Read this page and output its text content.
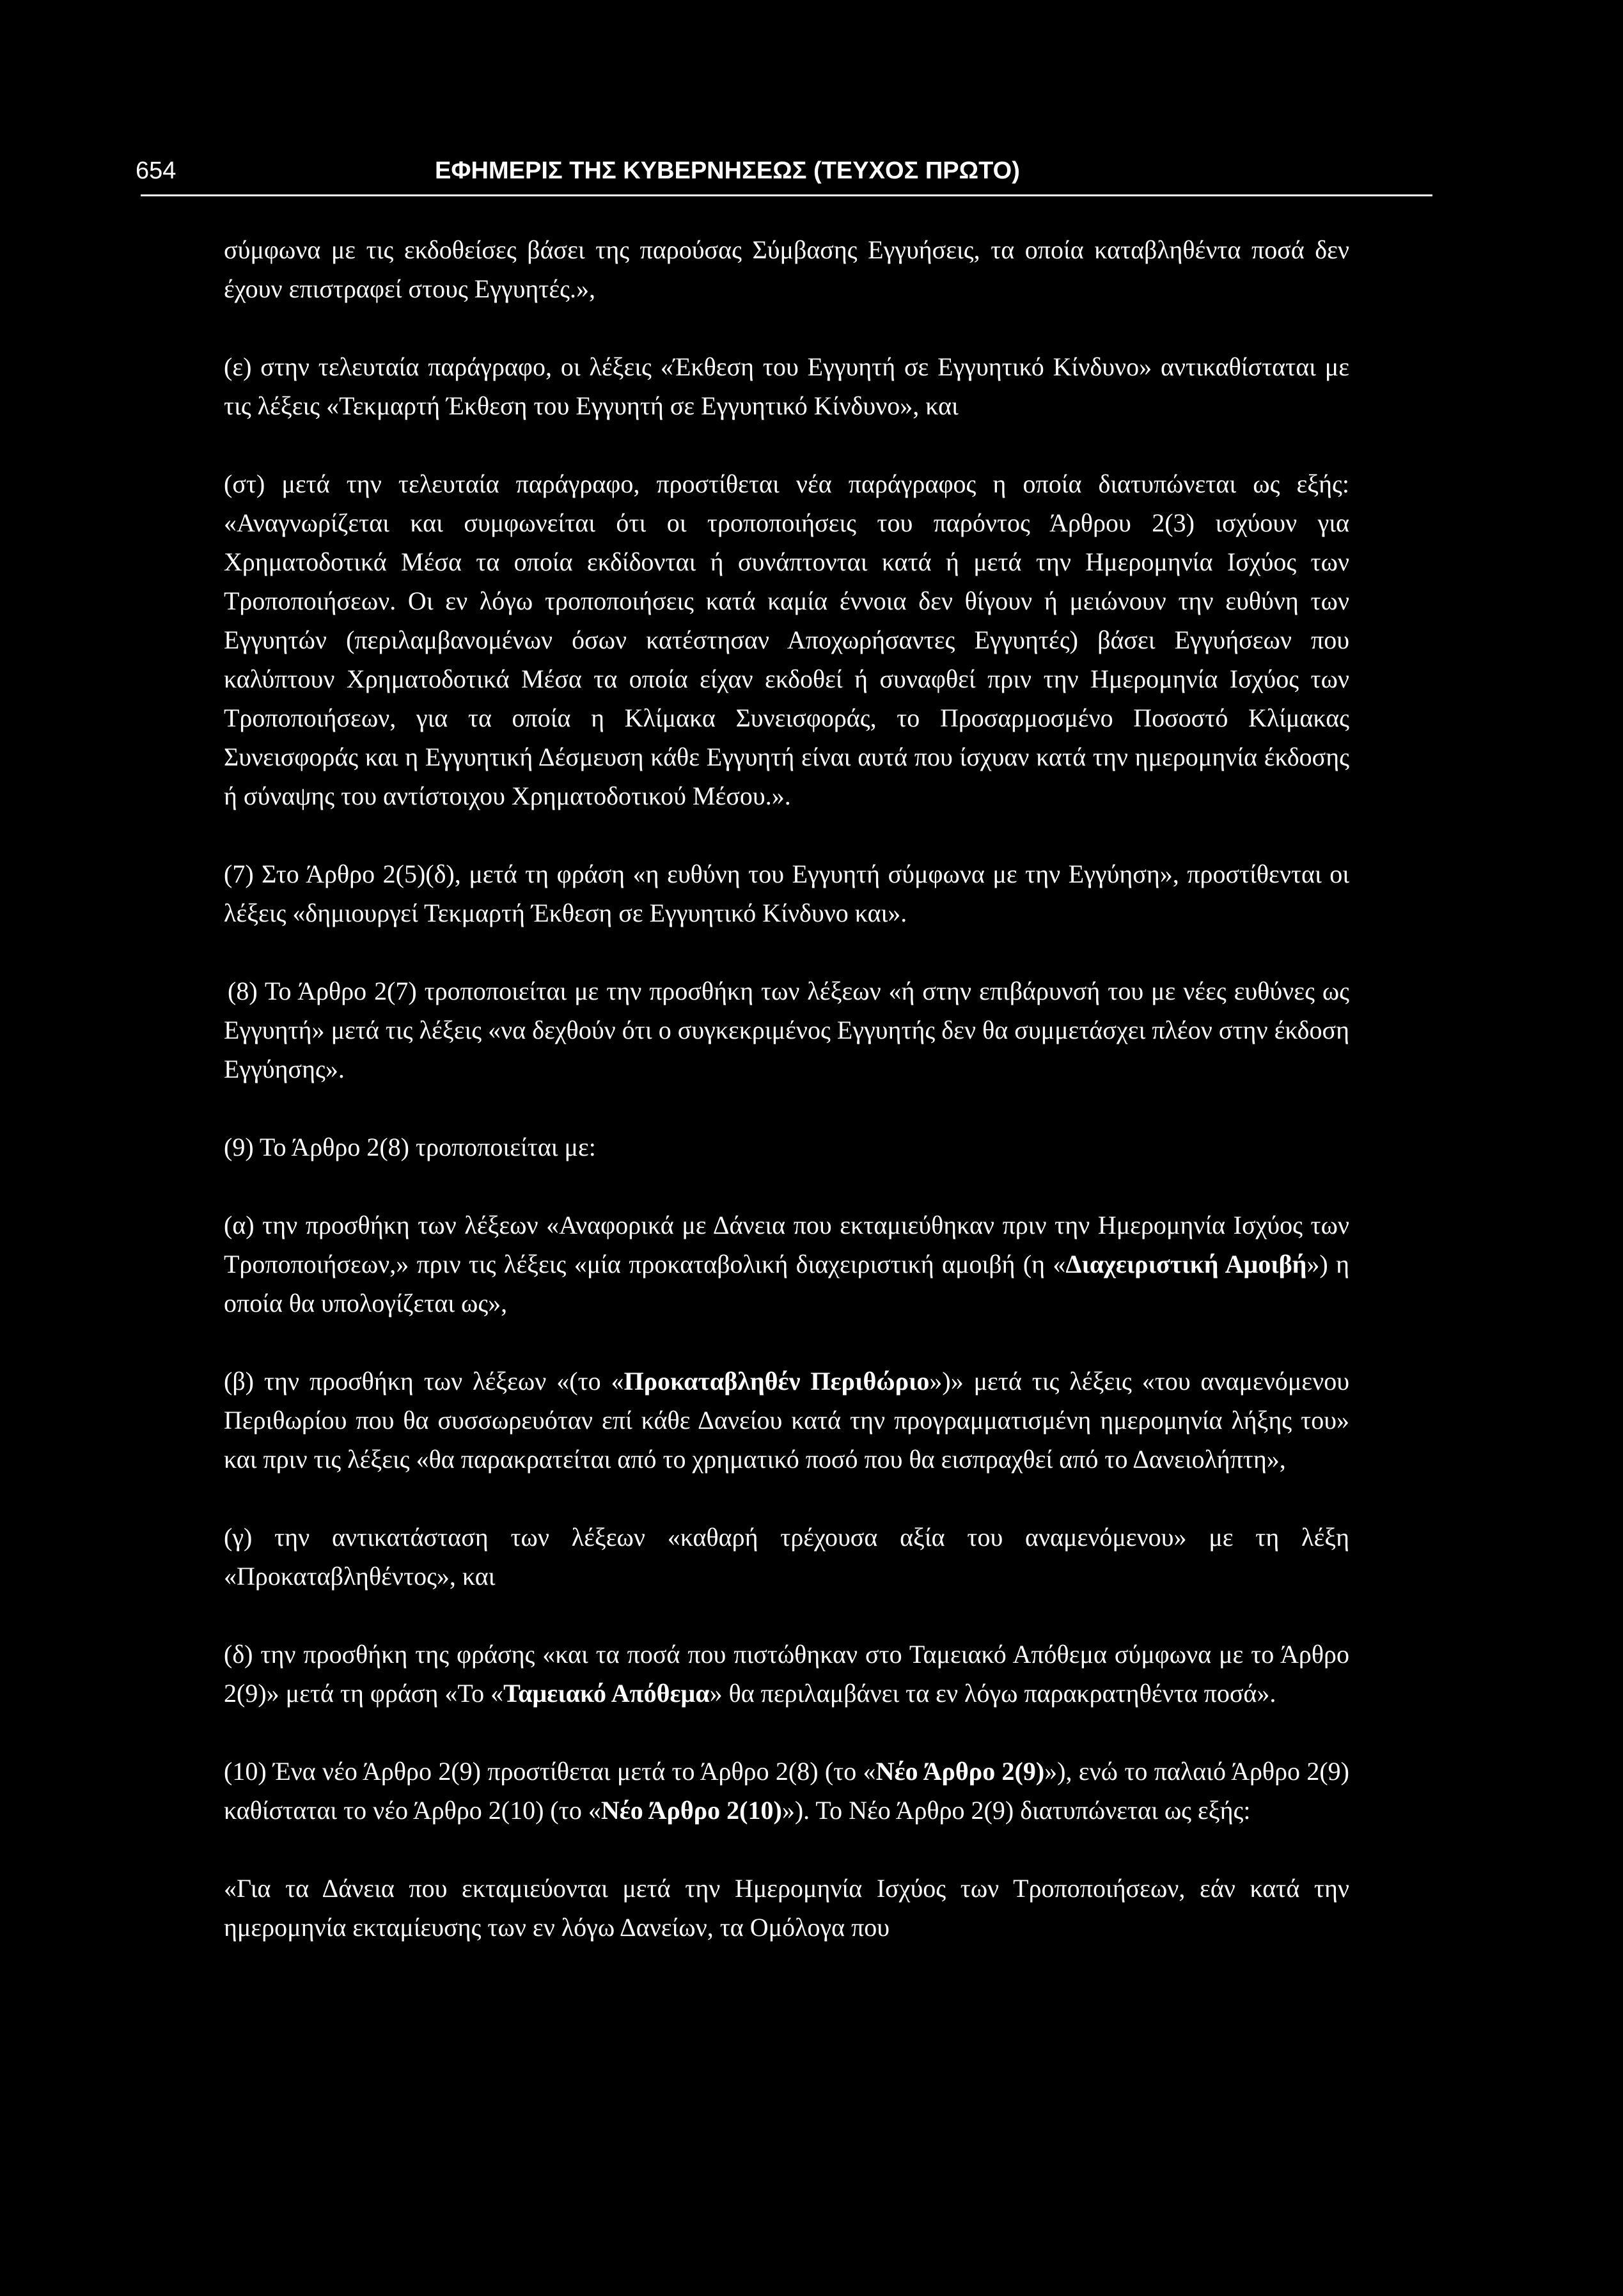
654	ΕΦΗΜΕΡΙΣ ΤΗΣ ΚΥΒΕΡΝΗΣΕΩΣ (ΤΕΥΧΟΣ ΠΡΩΤΟ)

σύμφωνα με τις εκδοθείσες βάσει της παρούσας Σύμβασης Εγγυήσεις, τα οποία καταβληθέντα ποσά δεν έχουν επιστραφεί στους Εγγυητές.»,

(ε) στην τελευταία παράγραφο, οι λέξεις «Έκθεση του Εγγυητή σε Εγγυητικό Κίνδυνο» αντικαθίσταται με τις λέξεις «Τεκμαρτή Έκθεση του Εγγυητή σε Εγγυητικό Κίνδυνο», και

(στ) μετά την τελευταία παράγραφο, προστίθεται νέα παράγραφος η οποία διατυπώνεται ως εξής: «Αναγνωρίζεται και συμφωνείται ότι οι τροποποιήσεις του παρόντος Άρθρου 2(3) ισχύουν για Χρηματοδοτικά Μέσα τα οποία εκδίδονται ή συνάπτονται κατά ή μετά την Ημερομηνία Ισχύος των Τροποποιήσεων. Οι εν λόγω τροποποιήσεις κατά καμία έννοια δεν θίγουν ή μειώνουν την ευθύνη των Εγγυητών (περιλαμβανομένων όσων κατέστησαν Αποχωρήσαντες Εγγυητές) βάσει Εγγυήσεων που καλύπτουν Χρηματοδοτικά Μέσα τα οποία είχαν εκδοθεί ή συναφθεί πριν την Ημερομηνία Ισχύος των Τροποποιήσεων, για τα οποία η Κλίμακα Συνεισφοράς, το Προσαρμοσμένο Ποσοστό Κλίμακας Συνεισφοράς και η Εγγυητική Δέσμευση κάθε Εγγυητή είναι αυτά που ίσχυαν κατά την ημερομηνία έκδοσης ή σύναψης του αντίστοιχου Χρηματοδοτικού Μέσου.».

(7) Στο Άρθρο 2(5)(δ), μετά τη φράση «η ευθύνη του Εγγυητή σύμφωνα με την Εγγύηση», προστίθενται οι λέξεις «δημιουργεί Τεκμαρτή Έκθεση σε Εγγυητικό Κίνδυνο και».

(8) Το Άρθρο 2(7) τροποποιείται με την προσθήκη των λέξεων «ή στην επιβάρυνσή του με νέες ευθύνες ως Εγγυητή» μετά τις λέξεις «να δεχθούν ότι ο συγκεκριμένος Εγγυητής δεν θα συμμετάσχει πλέον στην έκδοση Εγγύησης».

(9) Το Άρθρο 2(8) τροποποιείται με:

(α) την προσθήκη των λέξεων «Αναφορικά με Δάνεια που εκταμιεύθηκαν πριν την Ημερομηνία Ισχύος των Τροποποιήσεων,» πριν τις λέξεις «μία προκαταβολική διαχειριστική αμοιβή (η «Διαχειριστική Αμοιβή») η οποία θα υπολογίζεται ως»,

(β) την προσθήκη των λέξεων «(το «Προκαταβληθέν Περιθώριο»)» μετά τις λέξεις «του αναμενόμενου Περιθωρίου που θα συσσωρευόταν επί κάθε Δανείου κατά την προγραμματισμένη ημερομηνία λήξης του» και πριν τις λέξεις «θα παρακρατείται από το χρηματικό ποσό που θα εισπραχθεί από το Δανειολήπτη»,

(γ) την αντικατάσταση των λέξεων «καθαρή τρέχουσα αξία του αναμενόμενου» με τη λέξη «Προκαταβληθέντος», και

(δ) την προσθήκη της φράσης «και τα ποσά που πιστώθηκαν στο Ταμειακό Απόθεμα σύμφωνα με το Άρθρο 2(9)» μετά τη φράση «Το «Ταμειακό Απόθεμα» θα περιλαμβάνει τα εν λόγω παρακρατηθέντα ποσά».

(10) Ένα νέο Άρθρο 2(9) προστίθεται μετά το Άρθρο 2(8) (το «Νέο Άρθρο 2(9)»), ενώ το παλαιό Άρθρο 2(9) καθίσταται το νέο Άρθρο 2(10) (το «Νέο Άρθρο 2(10)»). Το Νέο Άρθρο 2(9) διατυπώνεται ως εξής:

«Για τα Δάνεια που εκταμιεύονται μετά την Ημερομηνία Ισχύος των Τροποποιήσεων, εάν κατά την ημερομηνία εκταμίευσης των εν λόγω Δανείων, τα Ομόλογα που
